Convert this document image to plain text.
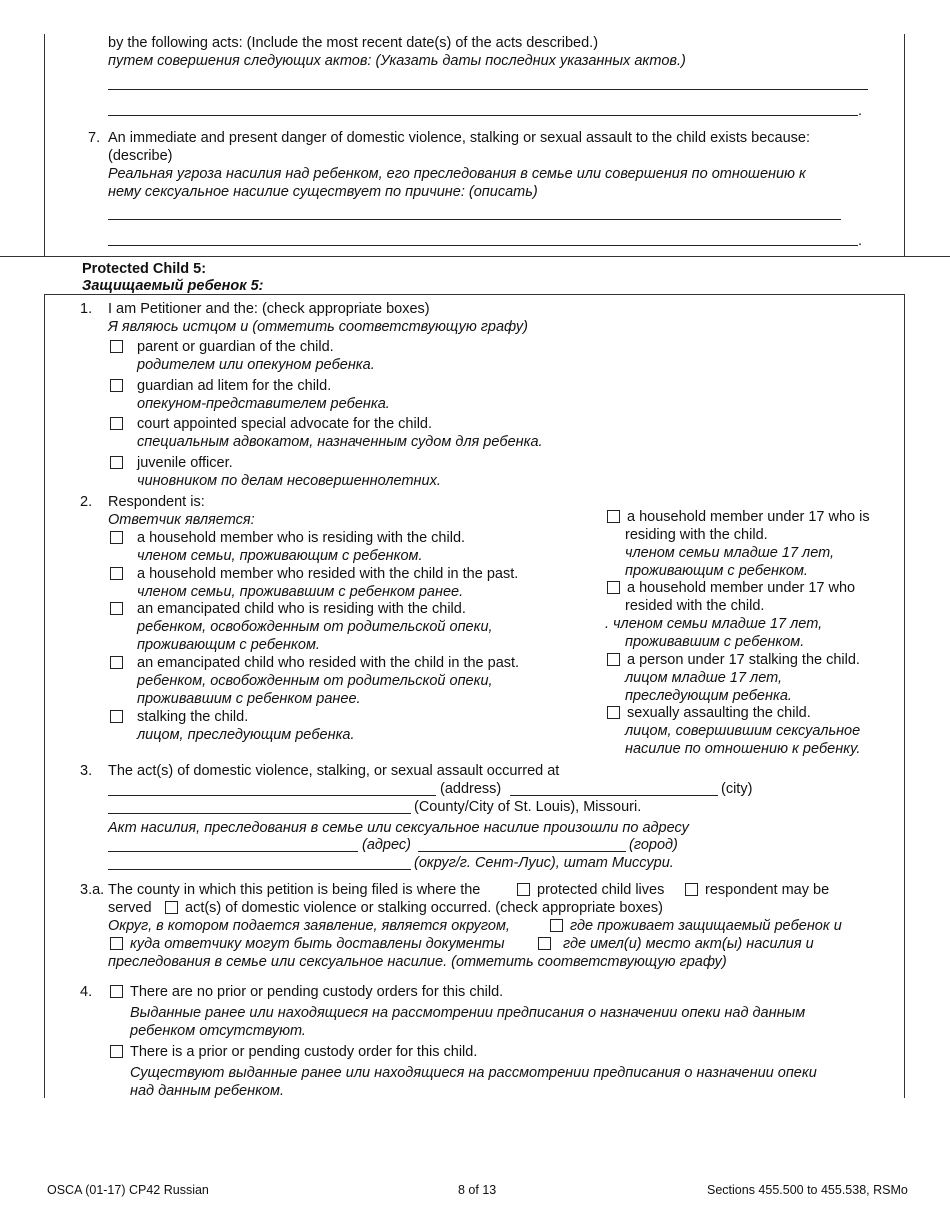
by the following acts: (Include the most recent date(s) of the acts described.)
путем совершения следующих актов: (Указать даты последних указанных актов.)
.
7. An immediate and present danger of domestic violence, stalking or sexual assault to the child exists because:
(describe)
Реальная угроза насилия над ребенком, его преследования в семье или совершения по отношению к
нему сексуальное насилие существует по причине: (описать)
.
Protected Child 5:
Защищаемый ребенок 5:
1. I am Petitioner and the: (check appropriate boxes)
Я являюсь истцом и (отметить соответствующую графу)
parent or guardian of the child.
родителем или опекуном ребенка.
guardian ad litem for the child.
опекуном-представителем ребенка.
court appointed special advocate for the child.
специальным адвокатом, назначенным судом для ребенка.
juvenile officer.
чиновником по делам несовершеннолетних.
2. Respondent is:
Ответчик является:
a household member who is residing with the child.
членом семьи, проживающим с ребенком.
a household member who resided with the child in the past.
членом семьи, проживавшим с ребенком ранее.
an emancipated child who is residing with the child.
ребенком, освобожденным от родительской опеки,
проживающим с ребенком.
an emancipated child who resided with the child in the past.
ребенком, освобожденным от родительской опеки,
проживавшим с ребенком ранее.
stalking the child.
лицом, преследующим ребенка.
a household member under 17 who is
residing with the child.
членом семьи младше 17 лет,
проживающим с ребенком.
a household member under 17 who
resided with the child.
. членом семьи младше 17 лет,
проживавшим с ребенком.
a person under 17 stalking the child.
лицом младше 17 лет,
преследующим ребенка.
sexually assaulting the child.
лицом, совершившим сексуальное
насилие по отношению к ребенку.
3. The act(s) of domestic violence, stalking, or sexual assault occurred at
(address)	(city)
(County/City of St. Louis), Missouri.
Акт насилия, преследования в семье или сексуальное насилие произошли по адресу
(адрес)	(город)
(округ/г. Сент-Луис), штат Миссури.
3.a. The county in which this petition is being filed is where the	protected child lives	respondent may be
served act(s) of domestic violence or stalking occurred. (check appropriate boxes)
Округ, в котором подается заявление, является округом,	где проживает защищаемый ребенок и
куда ответчику могут быть доставлены документы	где имел(и) место акт(ы) насилия и
преследования в семье или сексуальное насилие. (отметить соответствующую графу)
4.	There are no prior or pending custody orders for this child.
Выданные ранее или находящиеся на рассмотрении предписания о назначении опеки над данным
ребенком отсутствуют.
There is a prior or pending custody order for this child.
Существуют выданные ранее или находящиеся на рассмотрении предписания о назначении опеки
над данным ребенком.
OSCA (01-17) CP42 Russian	8 of 13	Sections 455.500 to 455.538, RSMo
